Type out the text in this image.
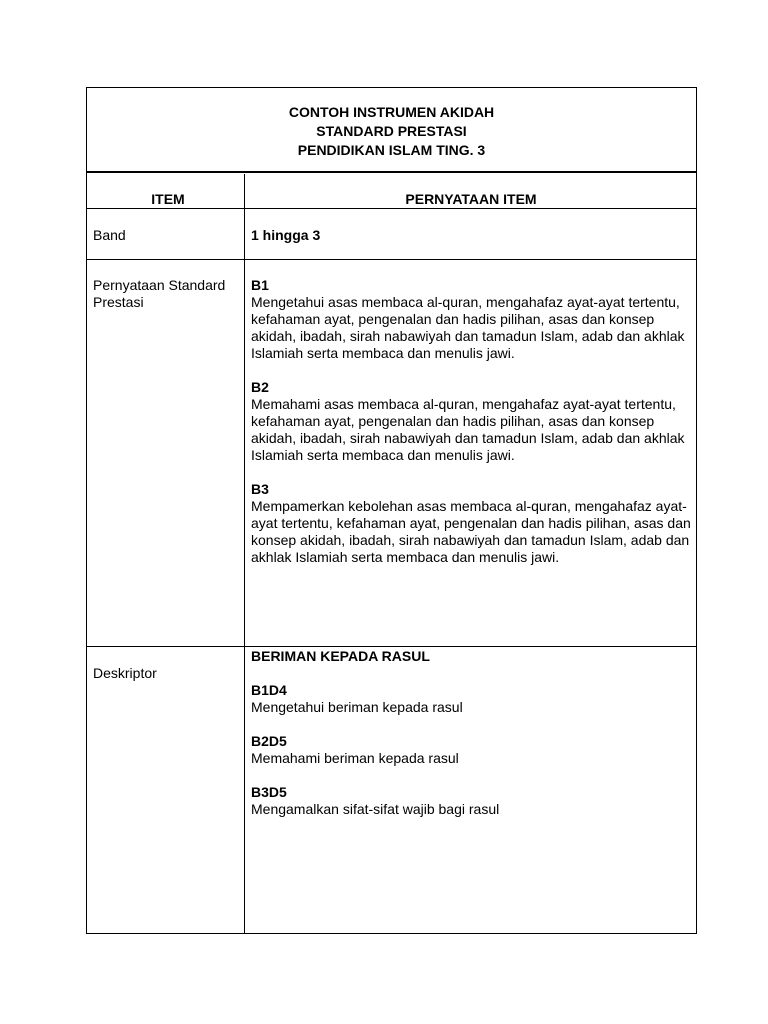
CONTOH INSTRUMEN AKIDAH
STANDARD PRESTASI
PENDIDIKAN ISLAM TING. 3
ITEM	PERNYATAAN ITEM
Band	1 hingga 3
Pernyataan Standard Prestasi

B1

Mengetahui asas membaca al-quran, mengahafaz ayat-ayat tertentu, kefahaman ayat, pengenalan dan hadis pilihan, asas dan konsep akidah, ibadah, sirah nabawiyah dan tamadun Islam, adab dan akhlak Islamiah serta membaca dan menulis jawi.

B2

Memahami asas membaca al-quran, mengahafaz ayat-ayat tertentu, kefahaman ayat, pengenalan dan hadis pilihan, asas dan konsep akidah, ibadah, sirah nabawiyah dan tamadun Islam, adab dan akhlak Islamiah serta membaca dan menulis jawi.

B3

Mempamerkan kebolehan asas membaca al-quran, mengahafaz ayat-ayat tertentu, kefahaman ayat, pengenalan dan hadis pilihan, asas dan konsep akidah, ibadah, sirah nabawiyah dan tamadun Islam, adab dan akhlak Islamiah serta membaca dan menulis jawi.

Deskriptor

BERIMAN KEPADA RASUL

B1D4

Mengetahui beriman kepada rasul

B2D5

Memahami beriman kepada rasul

B3D5

Mengamalkan sifat-sifat wajib bagi rasul
